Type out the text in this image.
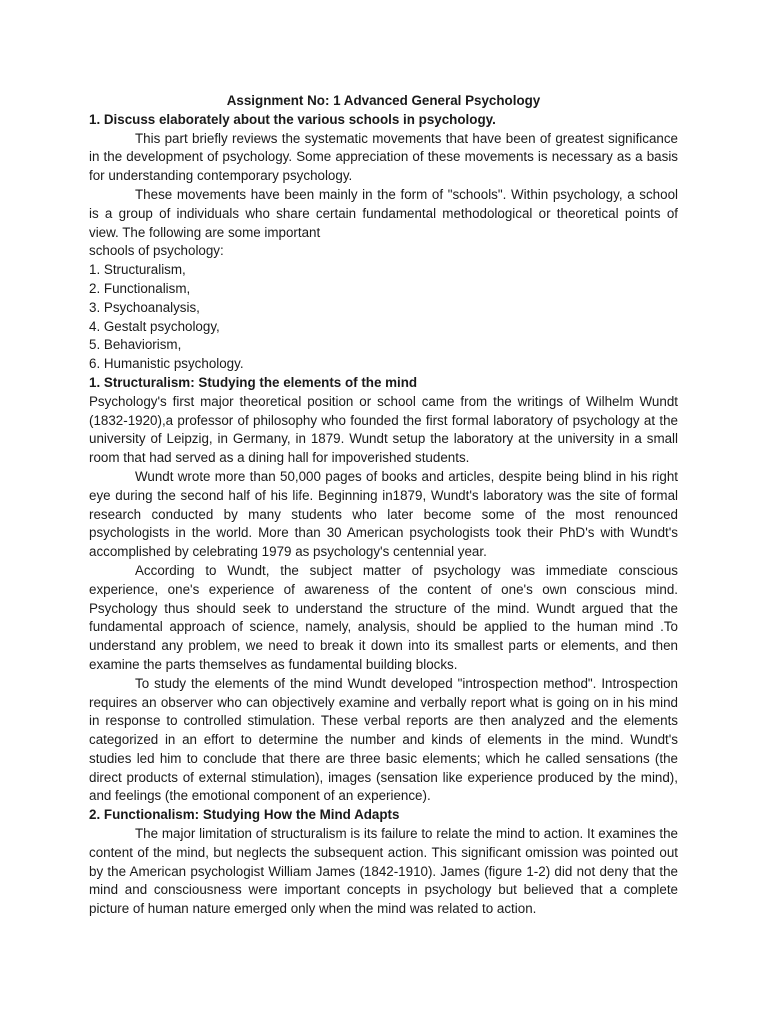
Assignment No: 1 Advanced General Psychology

1. Discuss elaborately about the various schools in psychology.

This part briefly reviews the systematic movements that have been of greatest significance in the development of psychology. Some appreciation of these movements is necessary as a basis for understanding contemporary psychology.

These movements have been mainly in the form of "schools". Within psychology, a school is a group of individuals who share certain fundamental methodological or theoretical points of view. The following are some important

schools of psychology:

1. Structuralism,
2. Functionalism,
3. Psychoanalysis,
4. Gestalt psychology,
5. Behaviorism,
6. Humanistic psychology.

1. Structuralism: Studying the elements of the mind

Psychology's first major theoretical position or school came from the writings of Wilhelm Wundt (1832-1920),a professor of philosophy who founded the first formal laboratory of psychology at the university of Leipzig, in Germany, in 1879. Wundt setup the laboratory at the university in a small room that had served as a dining hall for impoverished students.

Wundt wrote more than 50,000 pages of books and articles, despite being blind in his right eye during the second half of his life. Beginning in1879, Wundt's laboratory was the site of formal research conducted by many students who later become some of the most renounced psychologists in the world. More than 30 American psychologists took their PhD's with Wundt's accomplished by celebrating 1979 as psychology's centennial year.

According to Wundt, the subject matter of psychology was immediate conscious experience, one's experience of awareness of the content of one's own conscious mind. Psychology thus should seek to understand the structure of the mind. Wundt argued that the fundamental approach of science, namely, analysis, should be applied to the human mind .To understand any problem, we need to break it down into its smallest parts or elements, and then examine the parts themselves as fundamental building blocks.

To study the elements of the mind Wundt developed "introspection method". Introspection requires an observer who can objectively examine and verbally report what is going on in his mind in response to controlled stimulation. These verbal reports are then analyzed and the elements categorized in an effort to determine the number and kinds of elements in the mind. Wundt's studies led him to conclude that there are three basic elements; which he called sensations (the direct products of external stimulation), images (sensation like experience produced by the mind), and feelings (the emotional component of an experience).

2. Functionalism: Studying How the Mind Adapts

The major limitation of structuralism is its failure to relate the mind to action. It examines the content of the mind, but neglects the subsequent action. This significant omission was pointed out by the American psychologist William James (1842-1910). James (figure 1-2) did not deny that the mind and consciousness were important concepts in psychology but believed that a complete picture of human nature emerged only when the mind was related to action.
